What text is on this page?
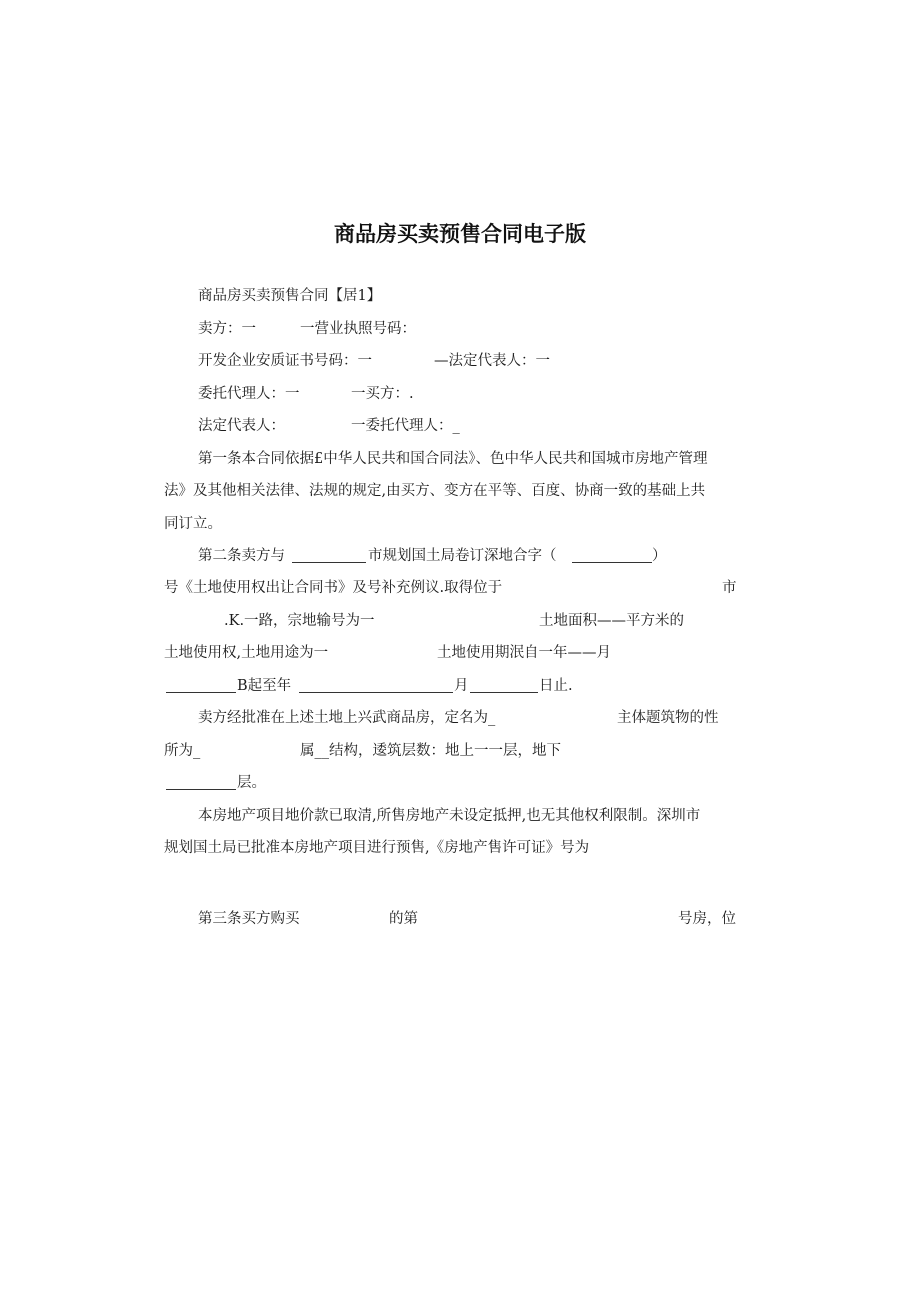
商品房买卖预售合同电子版
商品房买卖预售合同【居1】
卖方：一	一营业执照号码：
开发企业安质证书号码：一	—法定代表人：一
委托代理人：一	一买方：.
法定代表人：	一委托代理人：_
第一条本合同依据£中华人民共和国合同法》、色中华人民共和国城市房地产管理
法》及其他相关法律、法规的规定,由买方、变方在平等、百度、协商一致的基础上共
同订立。
第二条卖方与	市规划国土局卷订深地合字（	）
号《土地使用权出让合同书》及号补充例议.取得位于	市
.K.一路，宗地输号为一	土地面积——平方米的
土地使用权,土地用途为一	土地使用期泯自一年——月
B起至年	月	日止.
卖方经批准在上述土地上兴武商品房，定名为_	主体题筑物的性
所为_	属__结构，逶筑层数：地上一一层，地下
层。
本房地产项目地价款已取清,所售房地产未设定抵押,也无其他权利限制。深圳市
规划国土局已批准本房地产项目进行预售,《房地产售许可证》号为
第三条买方购买	的第	号房，位
